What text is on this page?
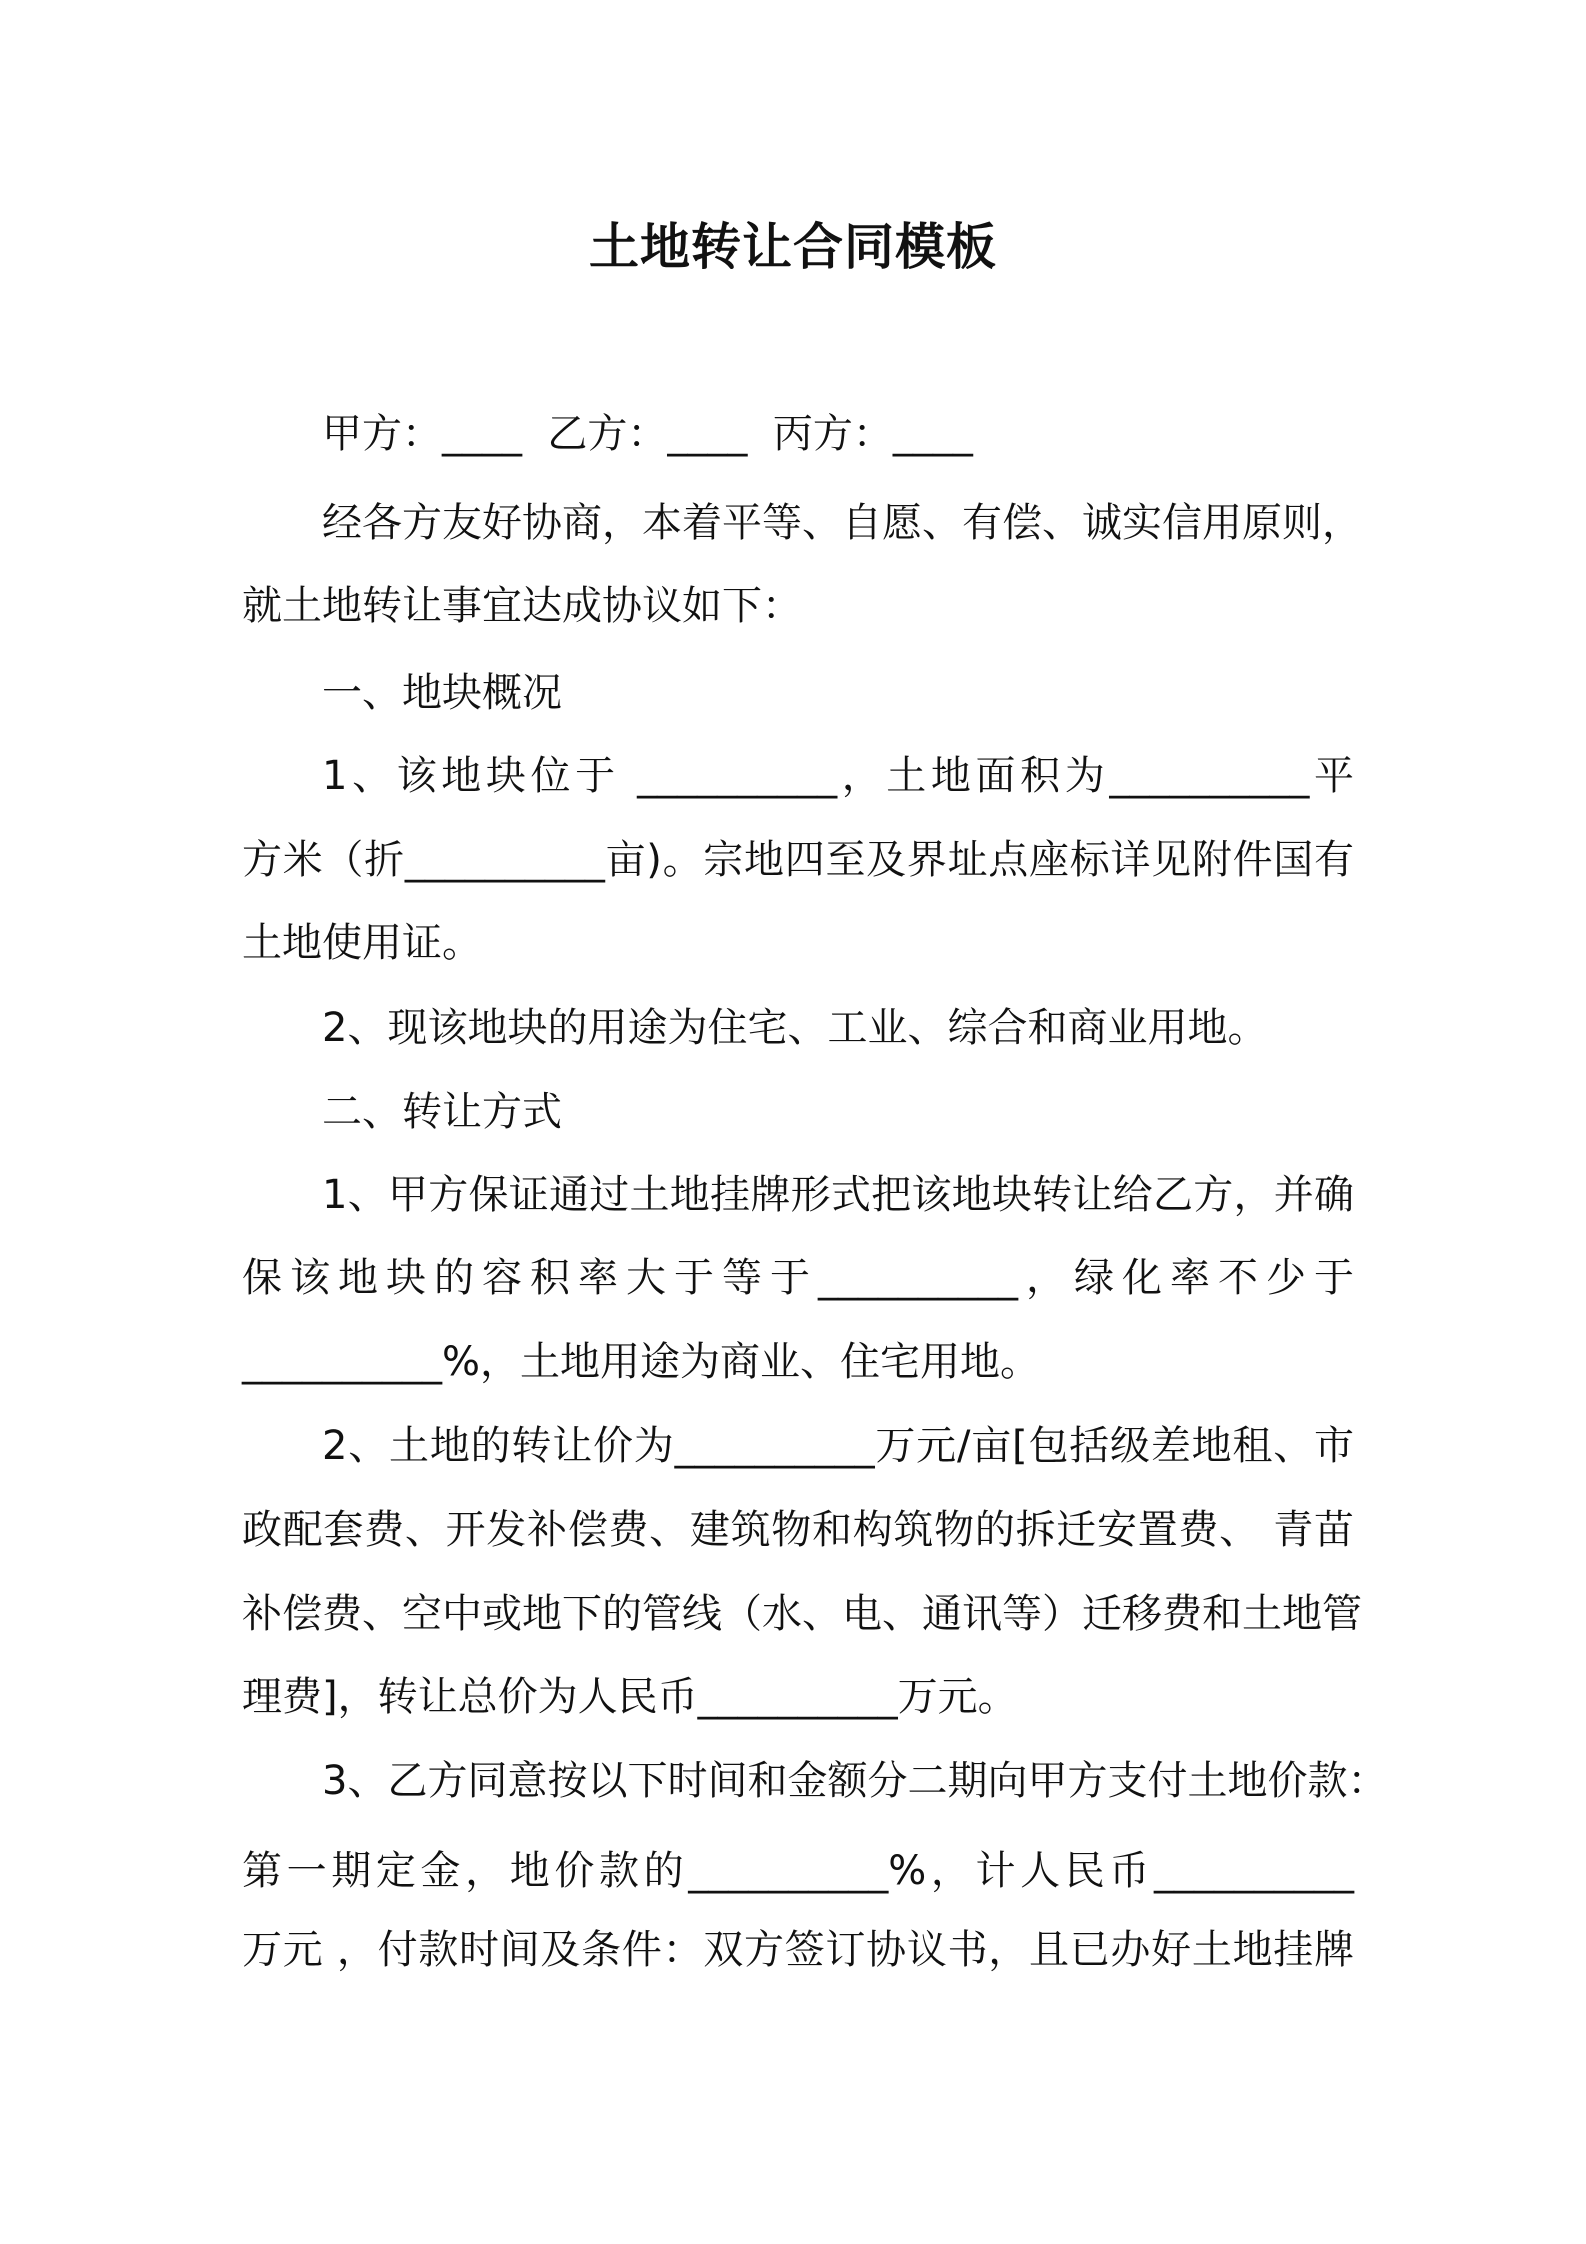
土地转让合同模板
甲方：____  乙方：____  丙方：____
经各方友好协商，本着平等、自愿、有偿、诚实信用原则，
就土地转让事宜达成协议如下：
一、地块概况
1、该地块位于 __________，土地面积为__________平
方米（折__________亩)。宗地四至及界址点座标详见附件国有
土地使用证。
2、现该地块的用途为住宅、工业、综合和商业用地。
二、转让方式
1、甲方保证通过土地挂牌形式把该地块转让给乙方，并确
保该地块的容积率大于等于__________，绿化率不少于
__________%，土地用途为商业、住宅用地。
2、土地的转让价为__________万元/亩[包括级差地租、市
政配套费、开发补偿费、建筑物和构筑物的拆迁安置费、 青苗
补偿费、空中或地下的管线（水、电、通讯等）迁移费和土地管
理费]，转让总价为人民币__________万元。
3、乙方同意按以下时间和金额分二期向甲方支付土地价款：
第一期定金，地价款的__________%，计人民币__________
万元 ，付款时间及条件：双方签订协议书，且已办好土地挂牌
